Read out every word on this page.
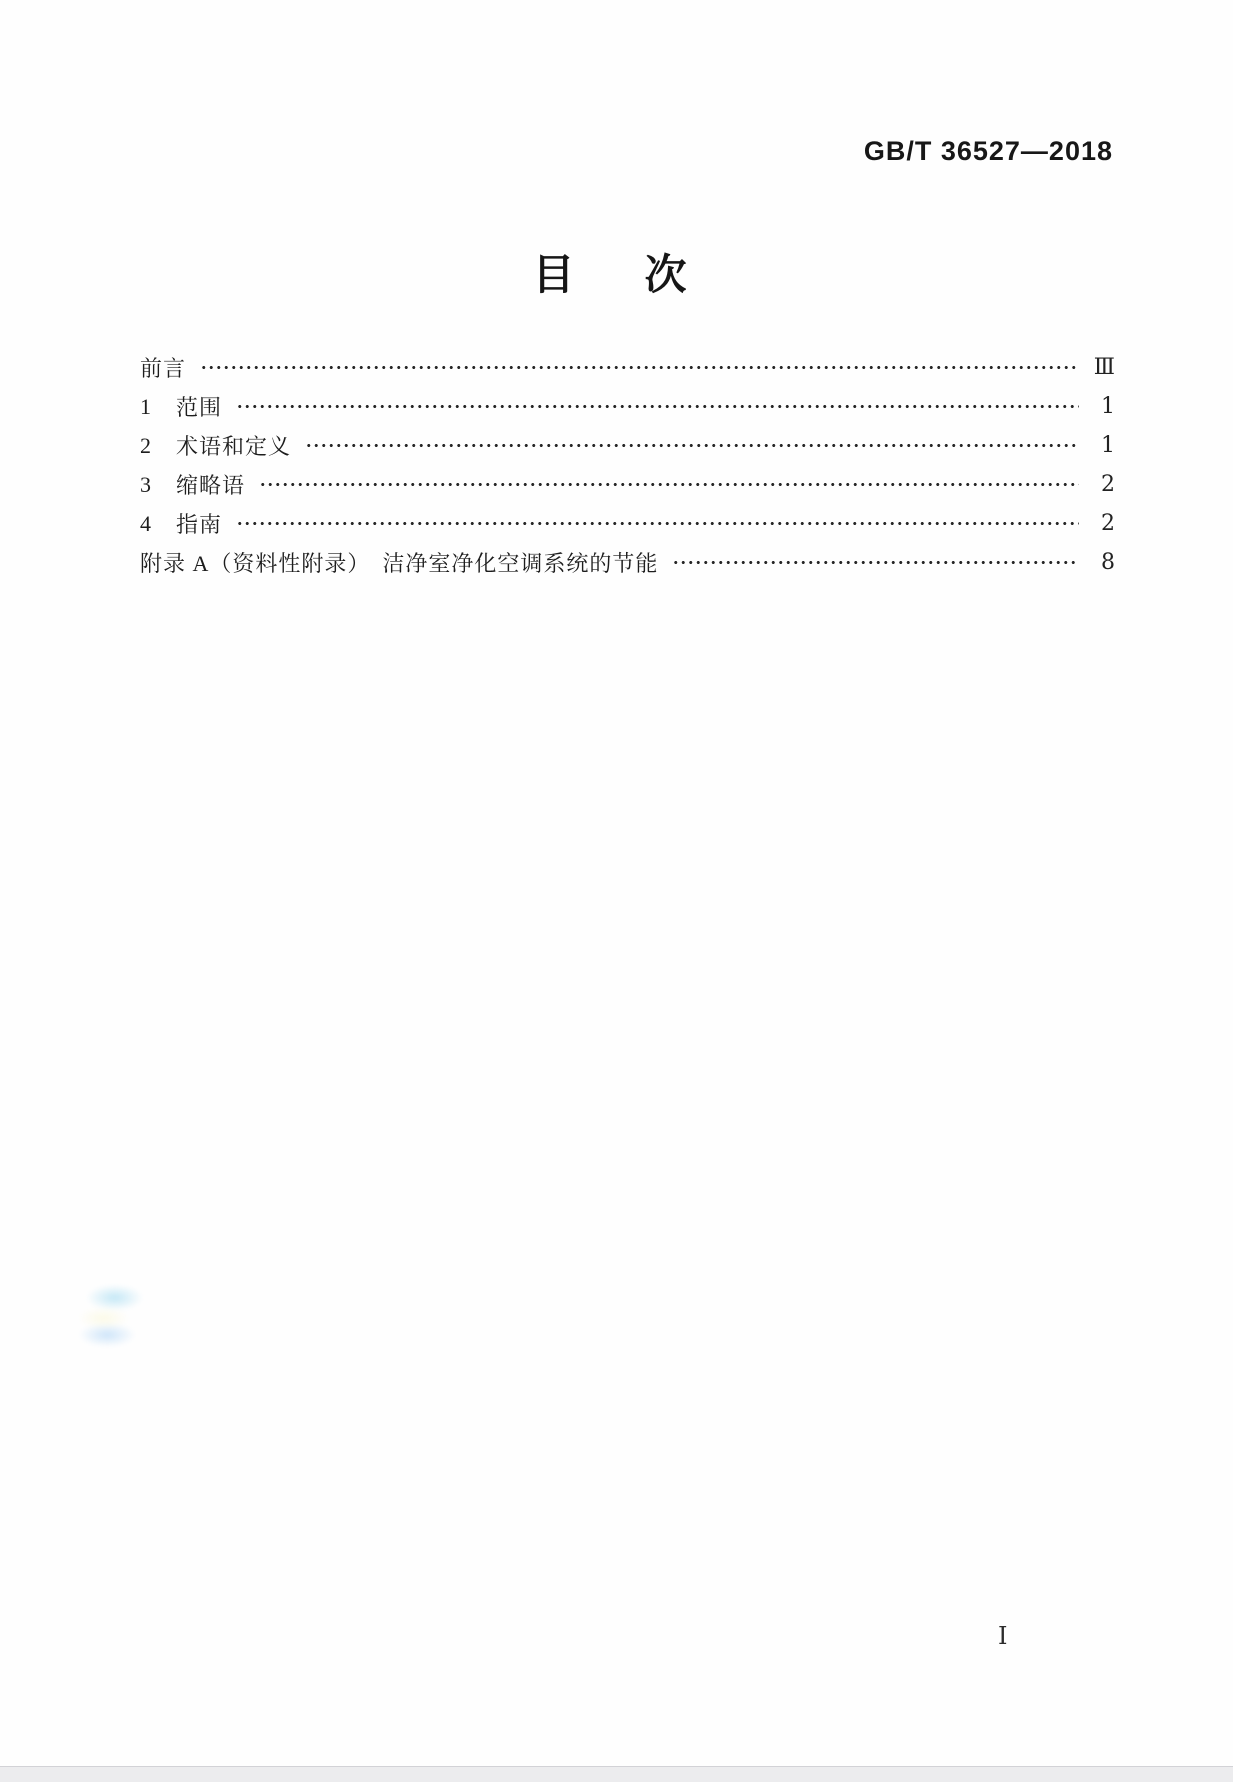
GB/T 36527—2018
目　次
前言	Ⅲ
1	范围	1
2	术语和定义	1
3	缩略语	2
4	指南	2
附录 A（资料性附录）　洁净室净化空调系统的节能	8
I
